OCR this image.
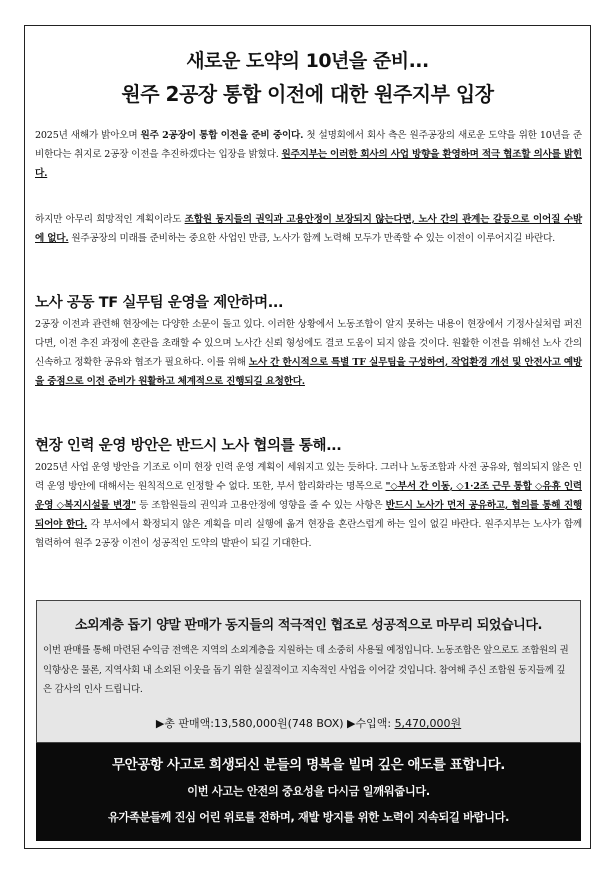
새로운 도약의 10년을 준비...
원주 2공장 통합 이전에 대한 원주지부 입장
2025년 새해가 밝아오며 원주 2공장이 통합 이전을 준비 중이다. 첫 설명회에서 회사 측은 원주공장의 새로운 도약을 위한 10년을 준비한다는 취지로 2공장 이전을 추진하겠다는 입장을 밝혔다. 원주지부는 이러한 회사의 사업 방향을 환영하며 적극 협조할 의사를 밝힌다.
하지만 아무리 희망적인 계획이라도 조합원 동지들의 권익과 고용안정이 보장되지 않는다면, 노사 간의 관계는 갈등으로 이어질 수밖에 없다. 원주공장의 미래를 준비하는 중요한 사업인 만큼, 노사가 함께 노력해 모두가 만족할 수 있는 이전이 이루어지길 바란다.
노사 공동 TF 실무팀 운영을 제안하며...
2공장 이전과 관련해 현장에는 다양한 소문이 돌고 있다. 이러한 상황에서 노동조합이 알지 못하는 내용이 현장에서 기정사실처럼 퍼진다면, 이전 추진 과정에 혼란을 초래할 수 있으며 노사간 신뢰 형성에도 결코 도움이 되지 않을 것이다. 원활한 이전을 위해선 노사 간의 신속하고 정확한 공유와 협조가 필요하다. 이를 위해 노사 간 한시적으로 특별 TF 실무팀을 구성하여, 작업환경 개선 및 안전사고 예방을 중점으로 이전 준비가 원활하고 체계적으로 진행되길 요청한다.
현장 인력 운영 방안은 반드시 노사 협의를 통해...
2025년 사업 운영 방안을 기조로 이미 현장 인력 운영 계획이 세워지고 있는 듯하다. 그러나 노동조합과 사전 공유와, 협의되지 않은 인력 운영 방안에 대해서는 원칙적으로 인정할 수 없다. 또한, 부서 합리화라는 명목으로 "◇부서 간 이동, ◇1·2조 근무 통합 ◇유휴 인력 운영 ◇복지시설물 변경" 등 조합원들의 권익과 고용안정에 영향을 줄 수 있는 사항은 반드시 노사가 먼저 공유하고, 협의를 통해 진행되어야 한다. 각 부서에서 확정되지 않은 계획을 미리 실행에 옮겨 현장을 혼란스럽게 하는 일이 없길 바란다. 원주지부는 노사가 함께 협력하여 원주 2공장 이전이 성공적인 도약의 발판이 되길 기대한다.
소외계층 돕기 양말 판매가 동지들의 적극적인 협조로 성공적으로 마무리 되었습니다.
이번 판매를 통해 마련된 수익금 전액은 지역의 소외계층을 지원하는 데 소중히 사용될 예정입니다. 노동조합은 앞으로도 조합원의 권익향상은 물론, 지역사회 내 소외된 이웃을 돕기 위한 실질적이고 지속적인 사업을 이어갈 것입니다. 참여해 주신 조합원 동지들께 깊은 감사의 인사 드립니다.
▶총 판매액:13,580,000원(748 BOX) ▶수입액: 5,470,000원
무안공항 사고로 희생되신 분들의 명복을 빌며 깊은 애도를 표합니다.
이번 사고는 안전의 중요성을 다시금 일깨워줍니다.
유가족분들께 진심 어린 위로를 전하며, 재발 방지를 위한 노력이 지속되길 바랍니다.
